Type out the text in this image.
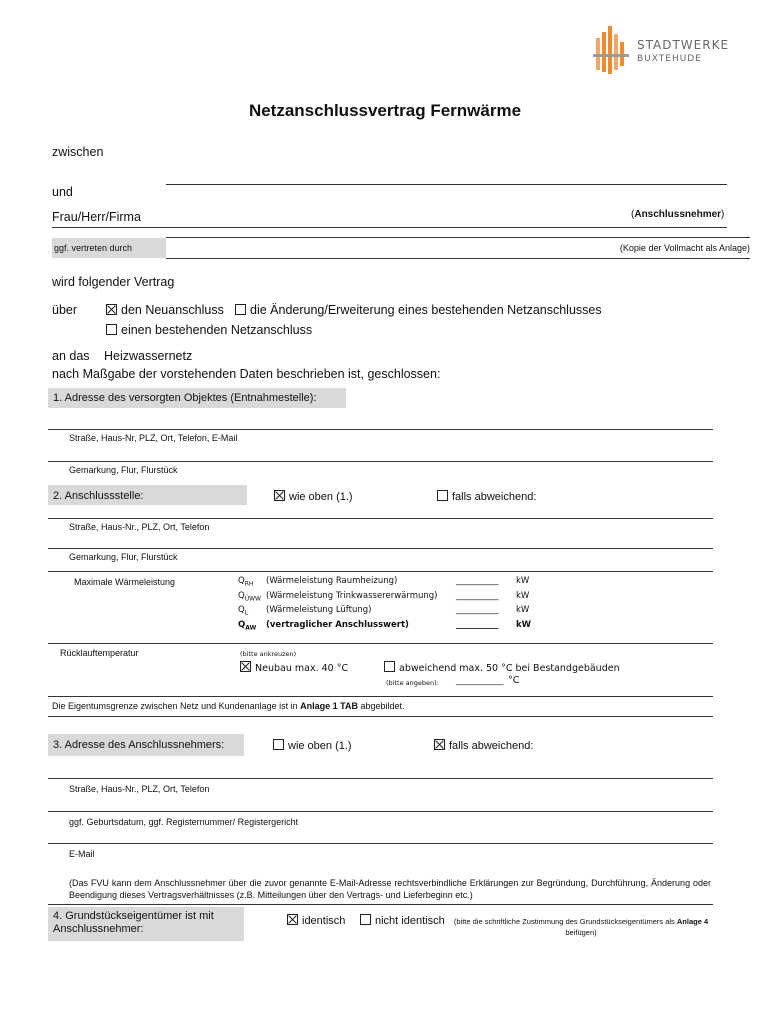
STADTWERKE
BUXTEHUDE
Netzanschlussvertrag Fernwärme
zwischen
und
Frau/Herr/Firma	(Anschlussnehmer)
ggf. vertreten durch	(Kopie der Vollmacht als Anlage)
wird folgender Vertrag
über	den Neuanschluss	die Änderung/Erweiterung eines bestehenden Netzanschlusses
einen bestehenden Netzanschluss
an das Heizwassernetz
nach Maßgabe der vorstehenden Daten beschrieben ist, geschlossen:
1. Adresse des versorgten Objektes (Entnahmestelle):
Straße, Haus-Nr, PLZ, Ort, Telefon, E-Mail
Gemarkung, Flur, Flurstück
2. Anschlussstelle:	wie oben (1.)	falls abweichend:
Straße, Haus-Nr., PLZ, Ort, Telefon
Gemarkung, Flur, Flurstück
Maximale Wärmeleistung	$Q_{RH}$ (Wärmeleistung Raumheizung)	__________ kW
$Q_{ÜWW}$ (Wärmeleistung Trinkwassererwärmung) __________ kW
$Q_L$ (Wärmeleistung Lüftung)	__________ kW
$Q_{AW}$ (vertraglicher Anschlusswert)	__________ kW
Rücklauftemperatur	(bitte ankreuzen)
Neubau max. 40 °C	abweichend max. 50 °C bei Bestandgebäuden
(bitte angeben): _________ °C
Die Eigentumsgrenze zwischen Netz und Kundenanlage ist in Anlage 1 TAB abgebildet.
3. Adresse des Anschlussnehmers:	wie oben (1.)	falls abweichend:
Straße, Haus-Nr., PLZ, Ort, Telefon
ggf. Geburtsdatum, ggf. Registernummer/ Registergericht
E-Mail
(Das FVU kann dem Anschlussnehmer über die zuvor genannte E-Mail-Adresse rechtsverbindliche Erklärungen zur Begründung, Durchführung, Änderung oder Beendigung dieses Vertragsverhältnisses (z.B. Mitteilungen über den Vertrags- und Lieferbeginn etc.)
4. Grundstückseigentümer ist mit Anschlussnehmer:
identisch	nicht identisch (bitte die schriftliche Zustimmung des Grundstückseigentümers als Anlage 4 beifügen)
